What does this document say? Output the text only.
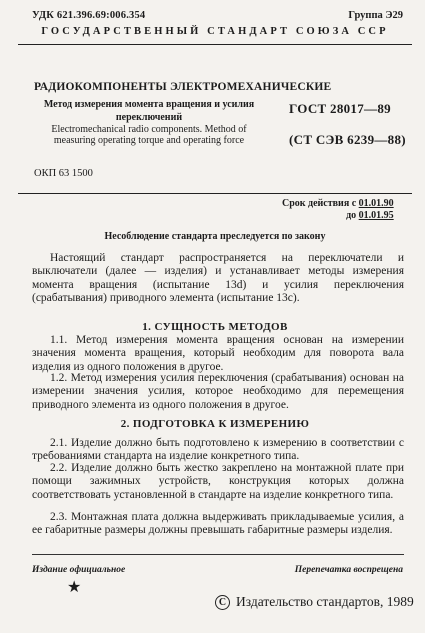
УДК 621.396.69:006.354	Группа Э29
ГОСУДАРСТВЕННЫЙ СТАНДАРТ СОЮЗА ССР
РАДИОКОМПОНЕНТЫ ЭЛЕКТРОМЕХАНИЧЕСКИЕ
Метод измерения момента вращения и усилия переключений
Electromechanical radio components. Method of measuring operating torque and operating force
ГОСТ 28017—89
(СТ СЭВ 6239—88)
ОКП 63 1500
Срок действия с 01.01.90
до 01.01.95
Несоблюдение стандарта преследуется по закону
Настоящий стандарт распространяется на переключатели и выключатели (далее — изделия) и устанавливает методы измерения момента вращения (испытание 13d) и усилия переключения (срабатывания) приводного элемента (испытание 13c).
1. СУЩНОСТЬ МЕТОДОВ
1.1. Метод измерения момента вращения основан на измерении значения момента вращения, который необходим для поворота вала изделия из одного положения в другое.
1.2. Метод измерения усилия переключения (срабатывания) основан на измерении значения усилия, которое необходимо для перемещения приводного элемента из одного положения в другое.
2. ПОДГОТОВКА К ИЗМЕРЕНИЮ
2.1. Изделие должно быть подготовлено к измерению в соответствии с требованиями стандарта на изделие конкретного типа.
2.2. Изделие должно быть жестко закреплено на монтажной плате при помощи зажимных устройств, конструкция которых должна соответствовать установленной в стандарте на изделие конкретного типа.
2.3. Монтажная плата должна выдерживать прикладываемые усилия, а ее габаритные размеры должны превышать габаритные размеры изделия.
Издание официальное	Перепечатка воспрещена
★
C Издательство стандартов, 1989
